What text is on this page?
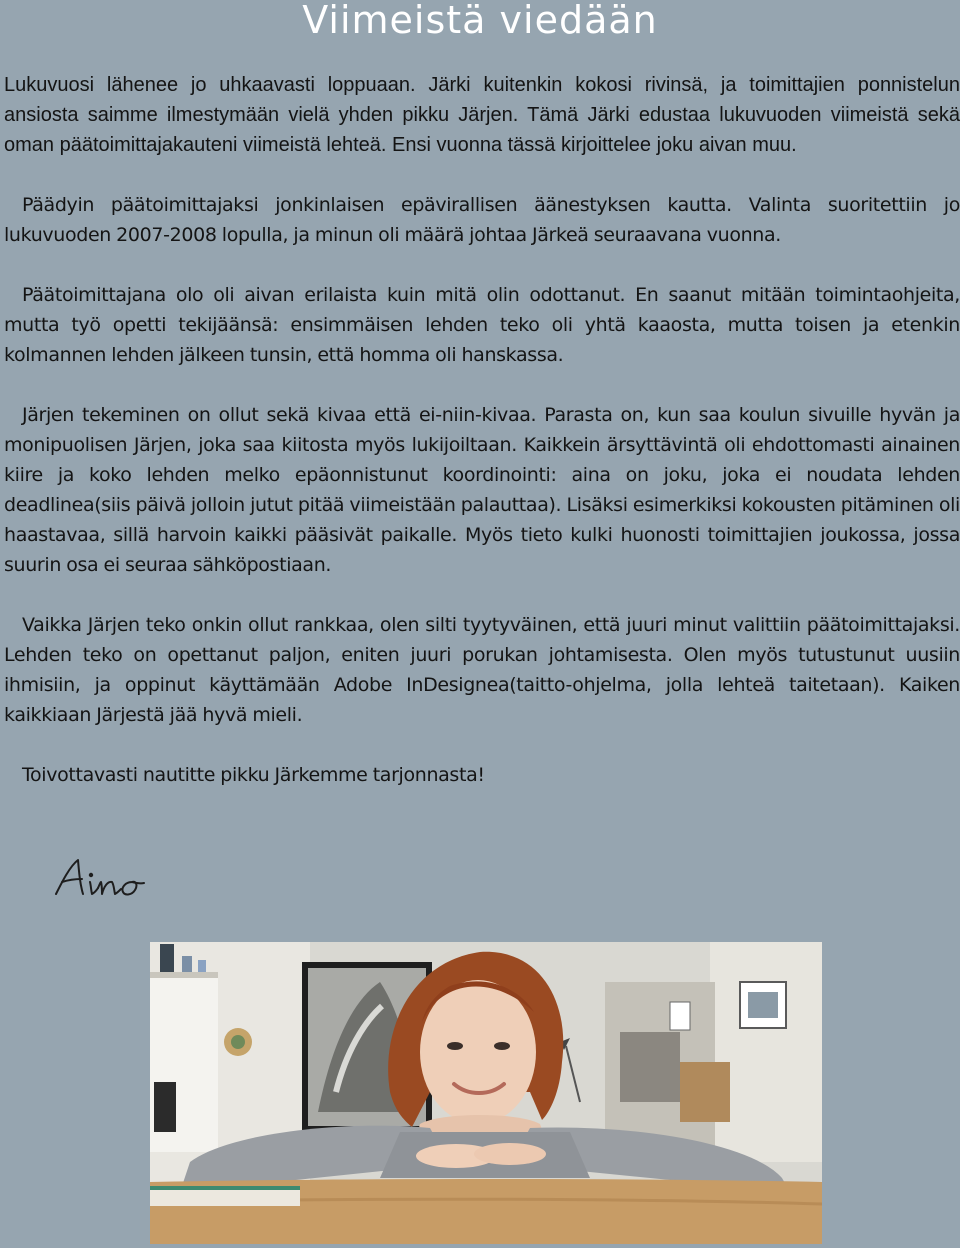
Viimeistä viedään

Lukuvuosi lähenee jo uhkaavasti loppuaan. Järki kuitenkin kokosi rivinsä, ja toimittajien ponnistelun ansiosta saimme ilmestymään vielä yhden pikku Järjen. Tämä Järki edustaa lukuvuoden viimeistä sekä oman päätoimittajakauteni viimeistä lehteä. Ensi vuonna tässä kirjoittelee joku aivan muu.

Päädyin päätoimittajaksi jonkinlaisen epävirallisen äänestyksen kautta. Valinta suoritettiin jo lukuvuoden 2007-2008 lopulla, ja minun oli määrä johtaa Järkeä seuraavana vuonna.

Päätoimittajana olo oli aivan erilaista kuin mitä olin odottanut. En saanut mitään toimintaohjeita, mutta työ opetti tekijäänsä: ensimmäisen lehden teko oli yhtä kaaosta, mutta toisen ja etenkin kolmannen lehden jälkeen tunsin, että homma oli hanskassa.

Järjen tekeminen on ollut sekä kivaa että ei-niin-kivaa. Parasta on, kun saa koulun sivuille hyvän ja monipuolisen Järjen, joka saa kiitosta myös lukijoiltaan. Kaikkein ärsyttävintä oli ehdottomasti ainainen kiire ja koko lehden melko epäonnistunut koordinointi: aina on joku, joka ei noudata lehden deadlinea(siis päivä jolloin jutut pitää viimeistään palauttaa). Lisäksi esimerkiksi kokousten pitäminen oli haastavaa, sillä harvoin kaikki pääsivät paikalle. Myös tieto kulki huonosti toimittajien joukossa, jossa suurin osa ei seuraa sähköpostiaan.

Vaikka Järjen teko onkin ollut rankkaa, olen silti tyytyväinen, että juuri minut valittiin päätoimittajaksi. Lehden teko on opettanut paljon, eniten juuri porukan johtamisesta. Olen myös tutustunut uusiin ihmisiin, ja oppinut käyttämään Adobe InDesignea(taitto-ohjelma, jolla lehteä taitetaan). Kaiken kaikkiaan Järjestä jää hyvä mieli.

Toivottavasti nautitte pikku Järkemme tarjonnasta!
